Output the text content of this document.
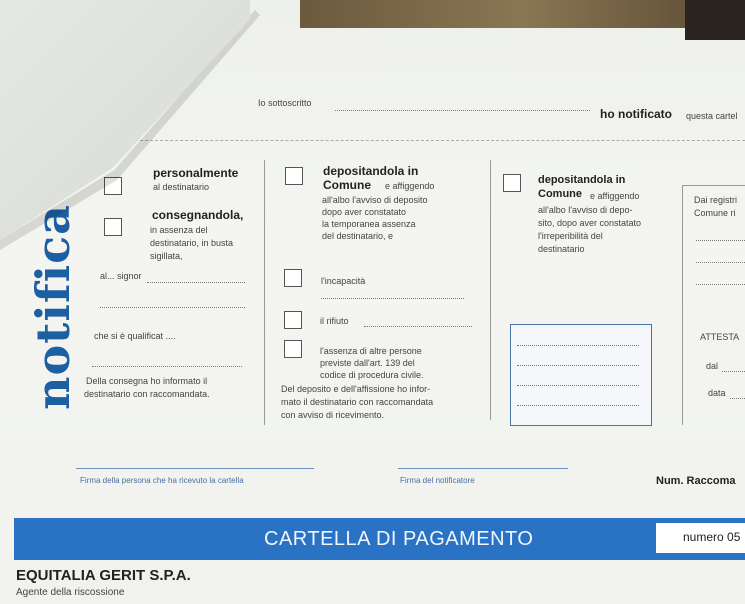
Io sottoscritto
ho notificato questa cartel
notifica
personalmente
al destinatario
consegnandola,
in assenza del
destinatario, in busta
sigillata,
al... signor
che si è qualificat ....
Della consegna ho informato il
destinatario con raccomandata.
depositandola in
Comune e affiggendo
all'albo l'avviso di deposito
dopo aver constatato
la temporanea assenza
del destinatario, e
l'incapacità
il rifiuto
l'assenza di altre persone
previste dall'art. 139 del
codice di procedura civile.
Del deposito e dell'affissione ho infor-
mato il destinatario con raccomandata
con avviso di ricevimento.
depositandola in
Comune e affiggendo
all'albo l'avviso di depo-
sito, dopo aver constatato
l'irreperibilità del
destinatario
Dai registri
Comune ri
ATTESTA
dal
data
Firma della persona che ha ricevuto la cartella	Firma del notificatore	Num. Raccoma
CARTELLA DI PAGAMENTO	numero 05
EQUITALIA GERIT S.P.A.
Agente della riscossione
